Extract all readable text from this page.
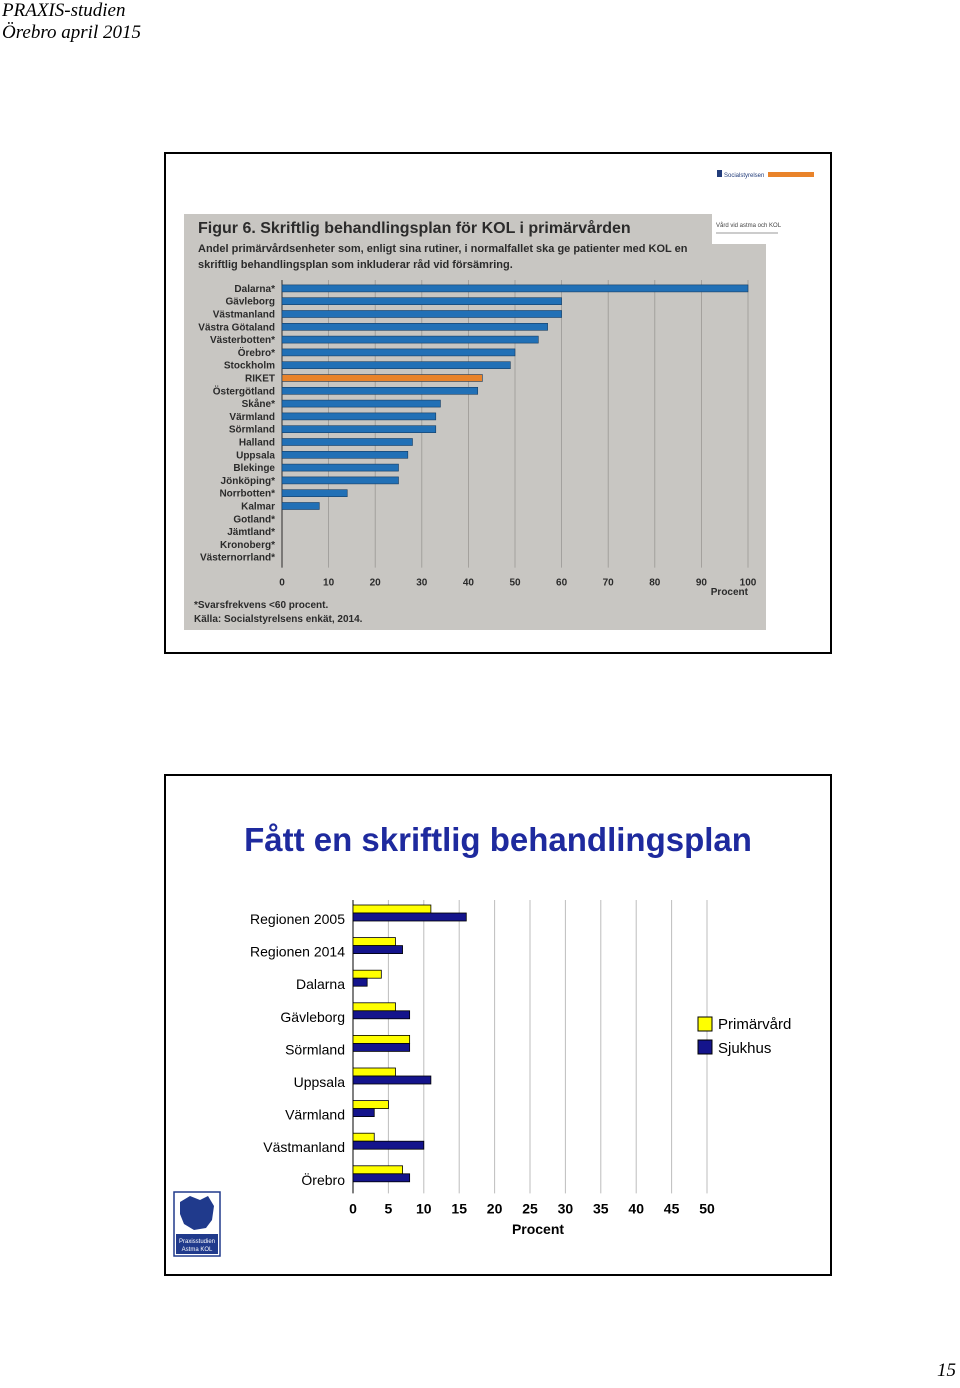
PRAXIS-studien
Örebro april 2015
Socialstyrelsen
Vård vid astma och KOL
Figur 6. Skriftlig behandlingsplan för KOL i primärvården
Andel primärvårdsenheter som, enligt sina rutiner, i normalfallet ska ge patienter med KOL en
skriftlig behandlingsplan som inkluderar råd vid försämring.
Dalarna*
Gävleborg
Västmanland
Västra Götaland
Västerbotten*
Örebro*
Stockholm
RIKET
Östergötland
Skåne*
Värmland
Sörmland
Halland
Uppsala
Blekinge
Jönköping*
Norrbotten*
Kalmar
Gotland*
Jämtland*
Kronoberg*
Västernorrland*
0	10	20	30	40	50	60	70	80	90	100
Procent
*Svarsfrekvens <60 procent.
Källa: Socialstyrelsens enkät, 2014.
Fått en skriftlig behandlingsplan
Regionen 2005
Regionen 2014
Dalarna
Gävleborg
Sörmland
Uppsala
Värmland
Västmanland
Örebro
0 5 10 15 20 25 30 35 40 45 50
Procent
Primärvård
Sjukhus
Praxisstudien
Astma KOL
15
